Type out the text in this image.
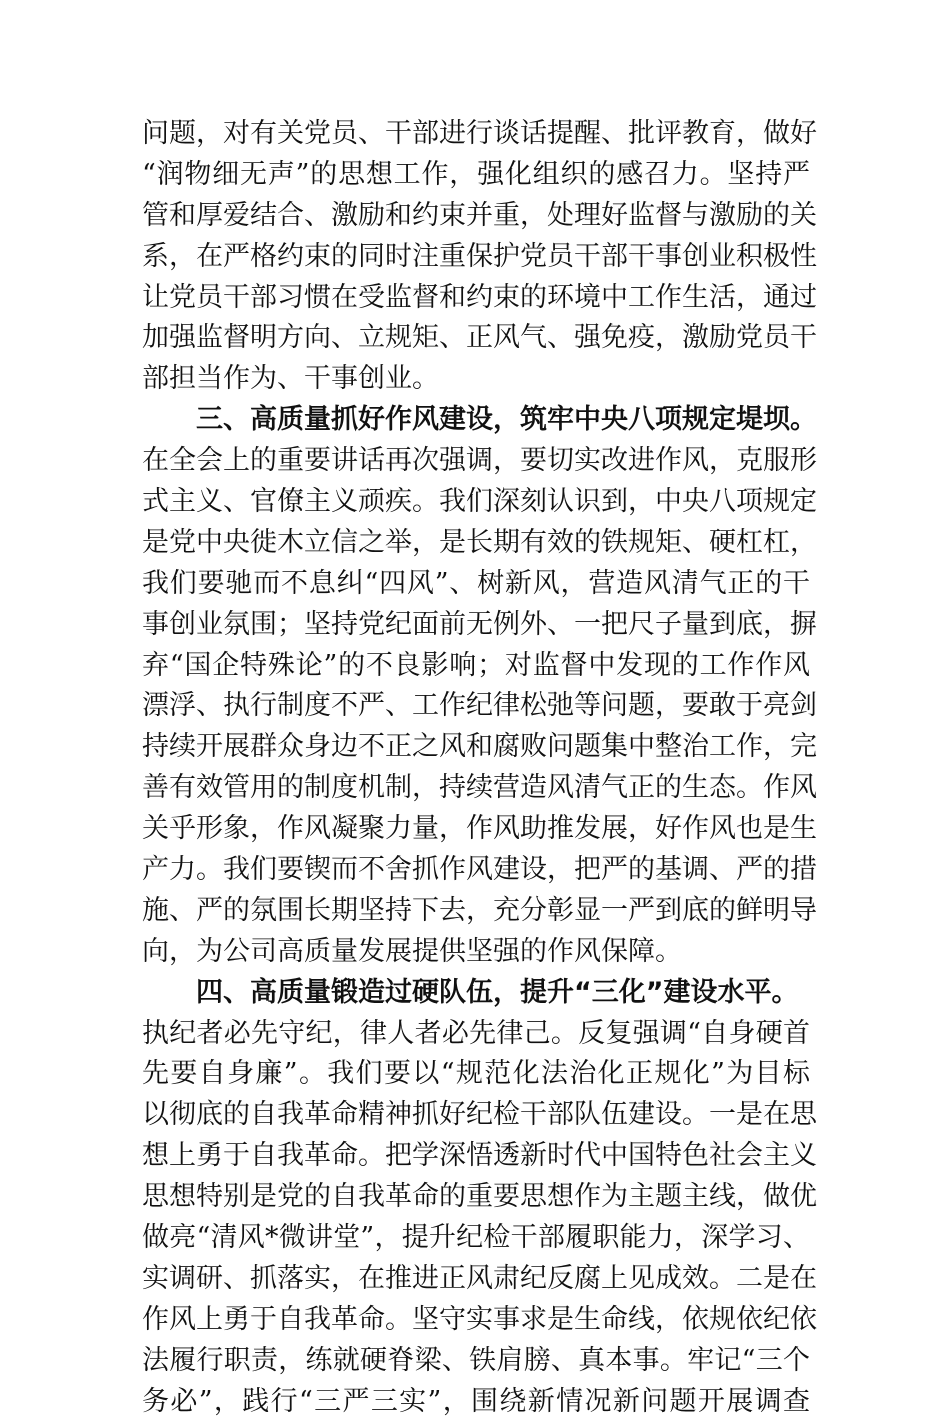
问题，对有关党员、干部进行谈话提醒、批评教育，做好
“润物细无声”的思想工作，强化组织的感召力。坚持严
管和厚爱结合、激励和约束并重，处理好监督与激励的关
系，在严格约束的同时注重保护党员干部干事创业积极性
让党员干部习惯在受监督和约束的环境中工作生活，通过
加强监督明方向、立规矩、正风气、强免疫，激励党员干
部担当作为、干事创业。
三、高质量抓好作风建设，筑牢中央八项规定堤坝。
在全会上的重要讲话再次强调，要切实改进作风，克服形
式主义、官僚主义顽疾。我们深刻认识到，中央八项规定
是党中央徙木立信之举，是长期有效的铁规矩、硬杠杠，
我们要驰而不息纠“四风”、树新风，营造风清气正的干
事创业氛围；坚持党纪面前无例外、一把尺子量到底，摒
弃“国企特殊论”的不良影响；对监督中发现的工作作风
漂浮、执行制度不严、工作纪律松弛等问题，要敢于亮剑
持续开展群众身边不正之风和腐败问题集中整治工作，完
善有效管用的制度机制，持续营造风清气正的生态。作风
关乎形象，作风凝聚力量，作风助推发展，好作风也是生
产力。我们要锲而不舍抓作风建设，把严的基调、严的措
施、严的氛围长期坚持下去，充分彰显一严到底的鲜明导
向，为公司高质量发展提供坚强的作风保障。
四、高质量锻造过硬队伍，提升“三化”建设水平。
执纪者必先守纪，律人者必先律己。反复强调“自身硬首
先要自身廉”。我们要以“规范化法治化正规化”为目标
以彻底的自我革命精神抓好纪检干部队伍建设。一是在思
想上勇于自我革命。把学深悟透新时代中国特色社会主义
思想特别是党的自我革命的重要思想作为主题主线，做优
做亮“清风*微讲堂”，提升纪检干部履职能力，深学习、
实调研、抓落实，在推进正风肃纪反腐上见成效。二是在
作风上勇于自我革命。坚守实事求是生命线，依规依纪依
法履行职责，练就硬脊梁、铁肩膀、真本事。牢记“三个
务必”，践行“三严三实”，围绕新情况新问题开展调查
